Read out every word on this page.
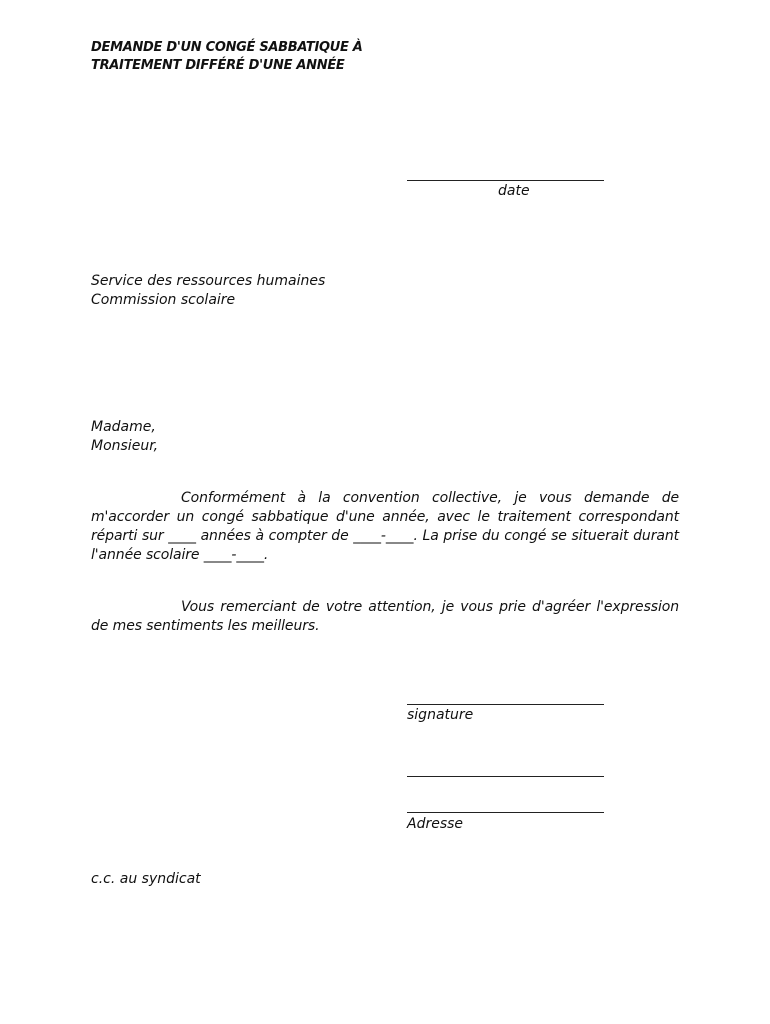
DEMANDE D'UN CONGÉ SABBATIQUE À
TRAITEMENT DIFFÉRÉ D'UNE ANNÉE
date
Service des ressources humaines
Commission scolaire
Madame,
Monsieur,

Conformément à la convention collective, je vous demande de m'accorder un congé sabbatique d'une année, avec le traitement correspondant réparti sur ____ années à compter de ____-____. La prise du congé se situerait durant l'année scolaire ____-____.

Vous remerciant de votre attention, je vous prie d'agréer l'expression de mes sentiments les meilleurs.

signature
Adresse
c.c. au syndicat
